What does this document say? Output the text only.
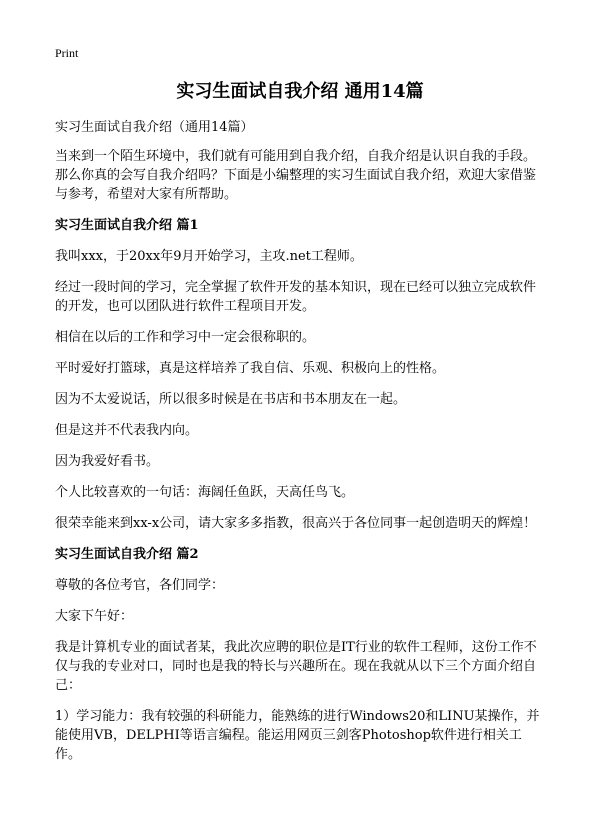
Print
实习生面试自我介绍 通用14篇

实习生面试自我介绍（通用14篇）

当来到一个陌生环境中，我们就有可能用到自我介绍，自我介绍是认识自我的手段。那么你真的会写自我介绍吗？下面是小编整理的实习生面试自我介绍，欢迎大家借鉴与参考，希望对大家有所帮助。

实习生面试自我介绍 篇1

我叫xxx，于20xx年9月开始学习，主攻.net工程师。

经过一段时间的学习，完全掌握了软件开发的基本知识，现在已经可以独立完成软件的开发，也可以团队进行软件工程项目开发。

相信在以后的工作和学习中一定会很称职的。

平时爱好打篮球，真是这样培养了我自信、乐观、积极向上的性格。

因为不太爱说话，所以很多时候是在书店和书本朋友在一起。

但是这并不代表我内向。

因为我爱好看书。

个人比较喜欢的一句话：海阔任鱼跃，天高任鸟飞。

很荣幸能来到xx-x公司，请大家多多指教，很高兴于各位同事一起创造明天的辉煌！

实习生面试自我介绍 篇2

尊敬的各位考官，各们同学：

大家下午好：

我是计算机专业的面试者某，我此次应聘的职位是IT行业的软件工程师，这份工作不仅与我的专业对口，同时也是我的特长与兴趣所在。现在我就从以下三个方面介绍自己：

1）学习能力：我有较强的科研能力，能熟练的进行Windows20和LINU某操作，并能使用VB，DELPHI等语言编程。能运用网页三剑客Photoshop软件进行相关工作。
